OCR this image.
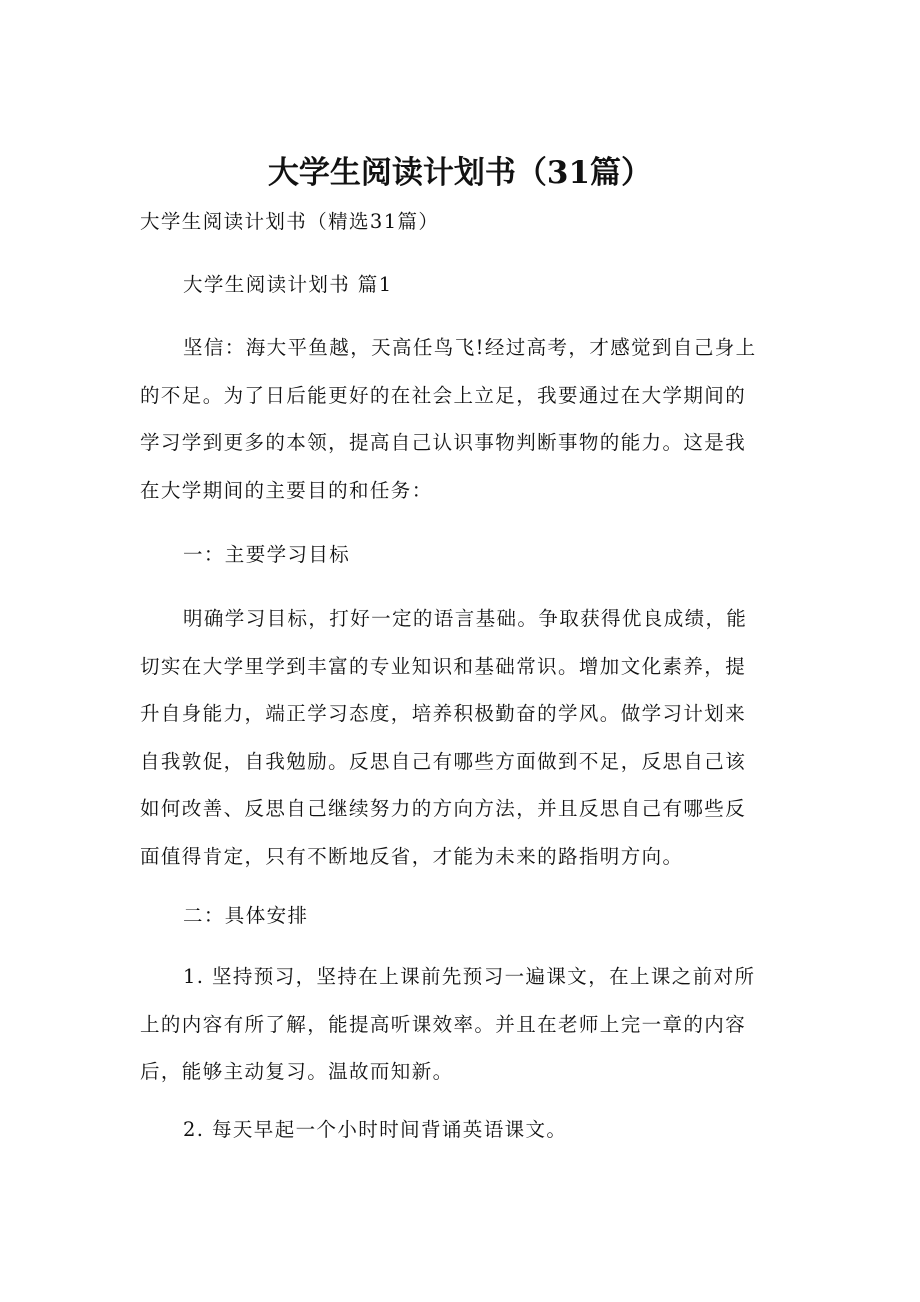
大学生阅读计划书（31篇）
大学生阅读计划书（精选31篇）
大学生阅读计划书 篇1
坚信：海大平鱼越，天高任鸟飞!经过高考，才感觉到自己身上
的不足。为了日后能更好的在社会上立足，我要通过在大学期间的
学习学到更多的本领，提高自己认识事物判断事物的能力。这是我
在大学期间的主要目的和任务：
一：主要学习目标
明确学习目标，打好一定的语言基础。争取获得优良成绩，能
切实在大学里学到丰富的专业知识和基础常识。增加文化素养，提
升自身能力，端正学习态度，培养积极勤奋的学风。做学习计划来
自我敦促，自我勉励。反思自己有哪些方面做到不足，反思自己该
如何改善、反思自己继续努力的方向方法，并且反思自己有哪些反
面值得肯定，只有不断地反省，才能为未来的路指明方向。
二：具体安排
1. 坚持预习，坚持在上课前先预习一遍课文，在上课之前对所
上的内容有所了解，能提高听课效率。并且在老师上完一章的内容
后，能够主动复习。温故而知新。
2. 每天早起一个小时时间背诵英语课文。
